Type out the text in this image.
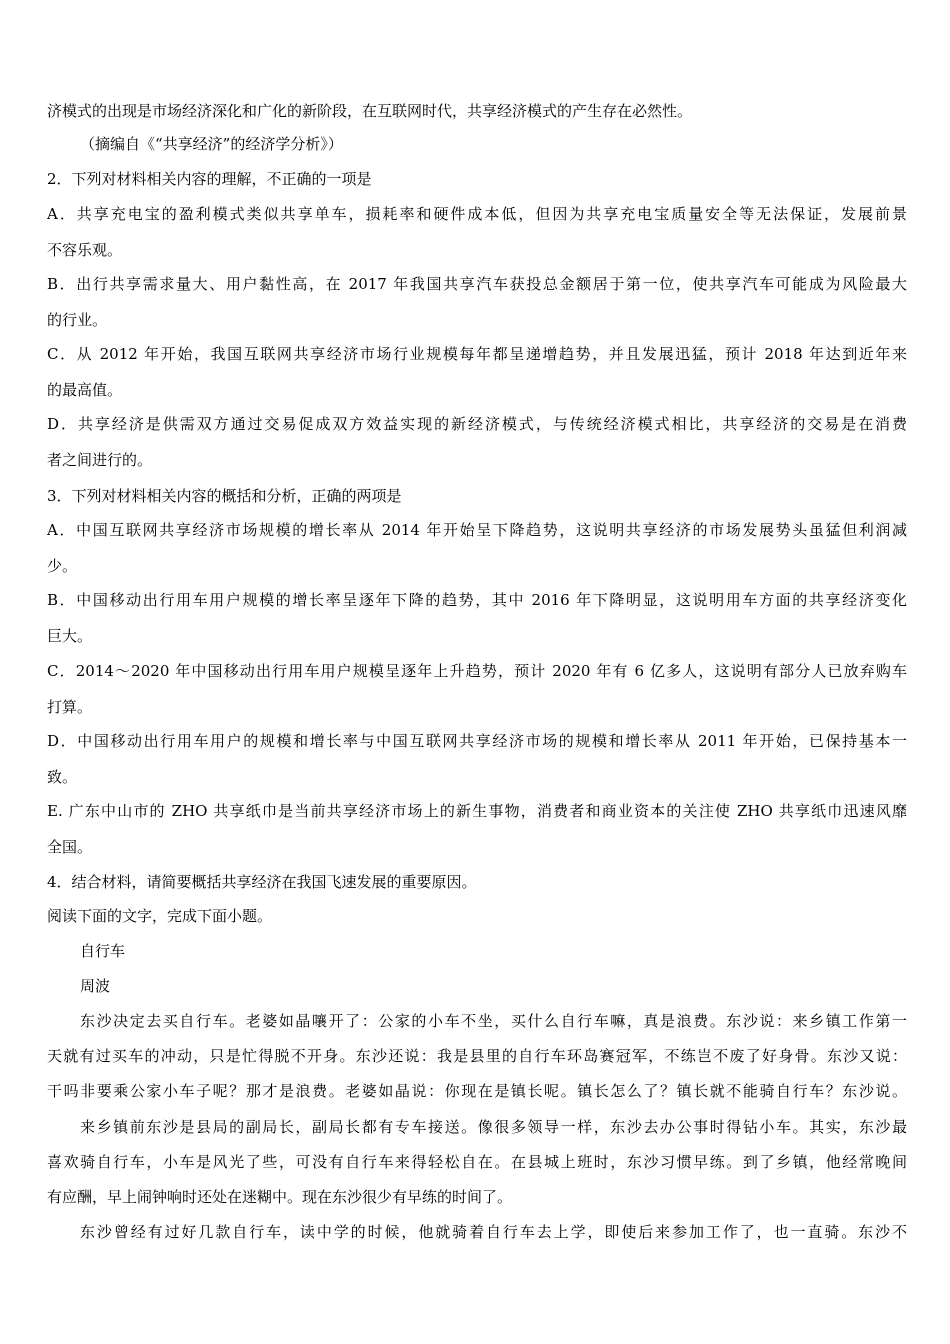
济模式的出现是市场经济深化和广化的新阶段，在互联网时代，共享经济模式的产生存在必然性。
（摘编自《“共享经济”的经济学分析》）
2．下列对材料相关内容的理解，不正确的一项是
A．共享充电宝的盈利模式类似共享单车，损耗率和硬件成本低，但因为共享充电宝质量安全等无法保证，发展前景
不容乐观。
B．出行共享需求量大、用户黏性高，在 2017 年我国共享汽车获投总金额居于第一位，使共享汽车可能成为风险最大
的行业。
C．从 2012 年开始，我国互联网共享经济市场行业规模每年都呈递增趋势，并且发展迅猛，预计 2018 年达到近年来
的最高值。
D．共享经济是供需双方通过交易促成双方效益实现的新经济模式，与传统经济模式相比，共享经济的交易是在消费
者之间进行的。
3．下列对材料相关内容的概括和分析，正确的两项是
A．中国互联网共享经济市场规模的增长率从 2014 年开始呈下降趋势，这说明共享经济的市场发展势头虽猛但利润减
少。
B．中国移动出行用车用户规模的增长率呈逐年下降的趋势，其中 2016 年下降明显，这说明用车方面的共享经济变化
巨大。
C．2014～2020 年中国移动出行用车用户规模呈逐年上升趋势，预计 2020 年有 6 亿多人，这说明有部分人已放弃购车
打算。
D．中国移动出行用车用户的规模和增长率与中国互联网共享经济市场的规模和增长率从 2011 年开始，已保持基本一
致。
E. 广东中山市的 ZHO 共享纸巾是当前共享经济市场上的新生事物，消费者和商业资本的关注使 ZHO 共享纸巾迅速风靡
全国。
4．结合材料，请简要概括共享经济在我国飞速发展的重要原因。
阅读下面的文字，完成下面小题。
自行车
周波
东沙决定去买自行车。老婆如晶嚷开了：公家的小车不坐，买什么自行车嘛，真是浪费。东沙说：来乡镇工作第一
天就有过买车的冲动，只是忙得脱不开身。东沙还说：我是县里的自行车环岛赛冠军，不练岂不废了好身骨。东沙又说：
干吗非要乘公家小车子呢？那才是浪费。老婆如晶说：你现在是镇长呢。镇长怎么了？镇长就不能骑自行车？东沙说。
来乡镇前东沙是县局的副局长，副局长都有专车接送。像很多领导一样，东沙去办公事时得钻小车。其实，东沙最
喜欢骑自行车，小车是风光了些，可没有自行车来得轻松自在。在县城上班时，东沙习惯早练。到了乡镇，他经常晚间
有应酬，早上闹钟响时还处在迷糊中。现在东沙很少有早练的时间了。
东沙曾经有过好几款自行车，读中学的时候，他就骑着自行车去上学，即使后来参加工作了，也一直骑。东沙不
